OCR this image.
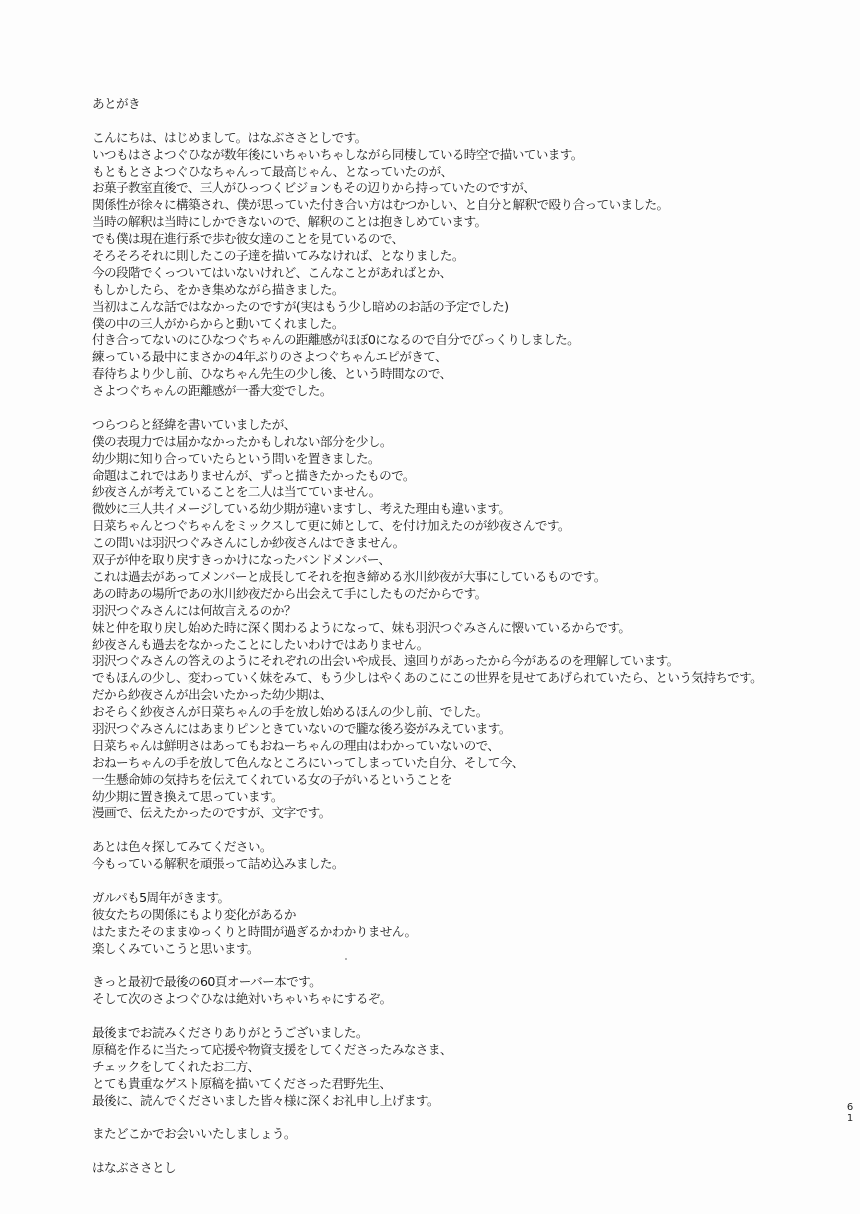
あとがき
こんにちは、はじめまして。はなぶささとしです。
いつもはさよつぐひなが数年後にいちゃいちゃしながら同棲している時空で描いています。
もともとさよつぐひなちゃんって最高じゃん、となっていたのが、
お菓子教室直後で、三人がひっつくビジョンもその辺りから持っていたのですが、
関係性が徐々に構築され、僕が思っていた付き合い方はむつかしい、と自分と解釈で殴り合っていました。
当時の解釈は当時にしかできないので、解釈のことは抱きしめています。
でも僕は現在進行系で歩む彼女達のことを見ているので、
そろそろそれに則したこの子達を描いてみなければ、となりました。
今の段階でくっついてはいないけれど、こんなことがあればとか、
もしかしたら、をかき集めながら描きました。
当初はこんな話ではなかったのですが(実はもう少し暗めのお話の予定でした)
僕の中の三人がからからと動いてくれました。
付き合ってないのにひなつぐちゃんの距離感がほぼ0になるので自分でびっくりしました。
練っている最中にまさかの4年ぶりのさよつぐちゃんエピがきて、
春待ちより少し前、ひなちゃん先生の少し後、という時間なので、
さよつぐちゃんの距離感が一番大変でした。
つらつらと経緯を書いていましたが、
僕の表現力では届かなかったかもしれない部分を少し。
幼少期に知り合っていたらという問いを置きました。
命題はこれではありませんが、ずっと描きたかったもので。
紗夜さんが考えていることを二人は当てていません。
微妙に三人共イメージしている幼少期が違いますし、考えた理由も違います。
日菜ちゃんとつぐちゃんをミックスして更に姉として、を付け加えたのが紗夜さんです。
この問いは羽沢つぐみさんにしか紗夜さんはできません。
双子が仲を取り戻すきっかけになったバンドメンバー、
これは過去があってメンバーと成長してそれを抱き締める氷川紗夜が大事にしているものです。
あの時あの場所であの氷川紗夜だから出会えて手にしたものだからです。
羽沢つぐみさんには何故言えるのか？
妹と仲を取り戻し始めた時に深く関わるようになって、妹も羽沢つぐみさんに懐いているからです。
紗夜さんも過去をなかったことにしたいわけではありません。
羽沢つぐみさんの答えのようにそれぞれの出会いや成長、遠回りがあったから今があるのを理解しています。
でもほんの少し、変わっていく妹をみて、もう少しはやくあのこにこの世界を見せてあげられていたら、という気持ちです。
だから紗夜さんが出会いたかった幼少期は、
おそらく紗夜さんが日菜ちゃんの手を放し始めるほんの少し前、でした。
羽沢つぐみさんにはあまりピンときていないので朧な後ろ姿がみえています。
日菜ちゃんは鮮明さはあってもおねーちゃんの理由はわかっていないので、
おねーちゃんの手を放して色んなところにいってしまっていた自分、そして今、
一生懸命姉の気持ちを伝えてくれている女の子がいるということを
幼少期に置き換えて思っています。
漫画で、伝えたかったのですが、文字です。
あとは色々探してみてください。
今もっている解釈を頑張って詰め込みました。
ガルパも5周年がきます。
彼女たちの関係にもより変化があるか
はたまたそのままゆっくりと時間が過ぎるかわかりません。
楽しくみていこうと思います。
きっと最初で最後の60頁オーバー本です。
そして次のさよつぐひなは絶対いちゃいちゃにするぞ。
最後までお読みくださりありがとうございました。
原稿を作るに当たって応援や物資支援をしてくださったみなさま、
チェックをしてくれたお二方、
とても貴重なゲスト原稿を描いてくださった君野先生、
最後に、読んでくださいました皆々様に深くお礼申し上げます。
またどこかでお会いいたしましょう。
はなぶささとし
6
1
